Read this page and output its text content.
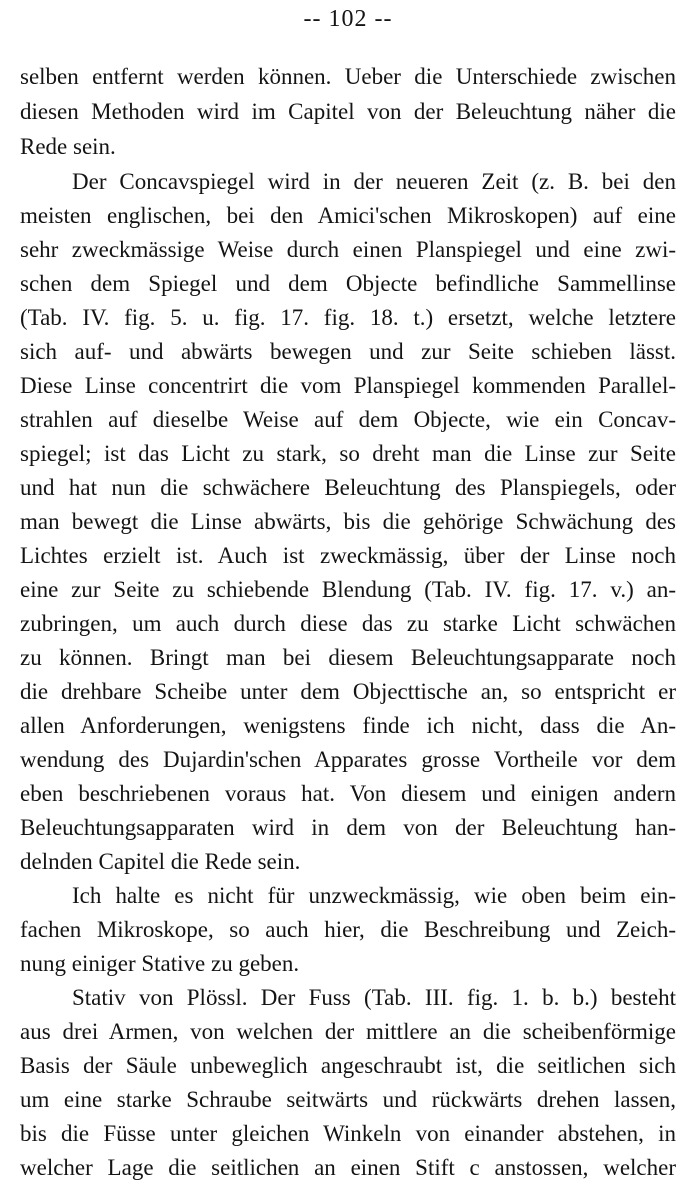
-- 102 --
selben entfernt werden können. Ueber die Unterschiede zwischen
diesen Methoden wird im Capitel von der Beleuchtung näher die
Rede sein.
Der Concavspiegel wird in der neueren Zeit (z. B. bei den
meisten englischen, bei den Amici'schen Mikroskopen) auf eine
sehr zweckmässige Weise durch einen Planspiegel und eine zwi-
schen dem Spiegel und dem Objecte befindliche Sammellinse
(Tab. IV. fig. 5. u. fig. 17. fig. 18. t.) ersetzt, welche letztere
sich auf- und abwärts bewegen und zur Seite schieben lässt.
Diese Linse concentrirt die vom Planspiegel kommenden Parallel-
strahlen auf dieselbe Weise auf dem Objecte, wie ein Concav-
spiegel; ist das Licht zu stark, so dreht man die Linse zur Seite
und hat nun die schwächere Beleuchtung des Planspiegels, oder
man bewegt die Linse abwärts, bis die gehörige Schwächung des
Lichtes erzielt ist. Auch ist zweckmässig, über der Linse noch
eine zur Seite zu schiebende Blendung (Tab. IV. fig. 17. v.) an-
zubringen, um auch durch diese das zu starke Licht schwächen
zu können. Bringt man bei diesem Beleuchtungsapparate noch
die drehbare Scheibe unter dem Objecttische an, so entspricht er
allen Anforderungen, wenigstens finde ich nicht, dass die An-
wendung des Dujardin'schen Apparates grosse Vortheile vor dem
eben beschriebenen voraus hat. Von diesem und einigen andern
Beleuchtungsapparaten wird in dem von der Beleuchtung han-
delnden Capitel die Rede sein.
Ich halte es nicht für unzweckmässig, wie oben beim ein-
fachen Mikroskope, so auch hier, die Beschreibung und Zeich-
nung einiger Stative zu geben.
Stativ von Plössl. Der Fuss (Tab. III. fig. 1. b. b.) besteht
aus drei Armen, von welchen der mittlere an die scheibenförmige
Basis der Säule unbeweglich angeschraubt ist, die seitlichen sich
um eine starke Schraube seitwärts und rückwärts drehen lassen,
bis die Füsse unter gleichen Winkeln von einander abstehen, in
welcher Lage die seitlichen an einen Stift c anstossen, welcher
